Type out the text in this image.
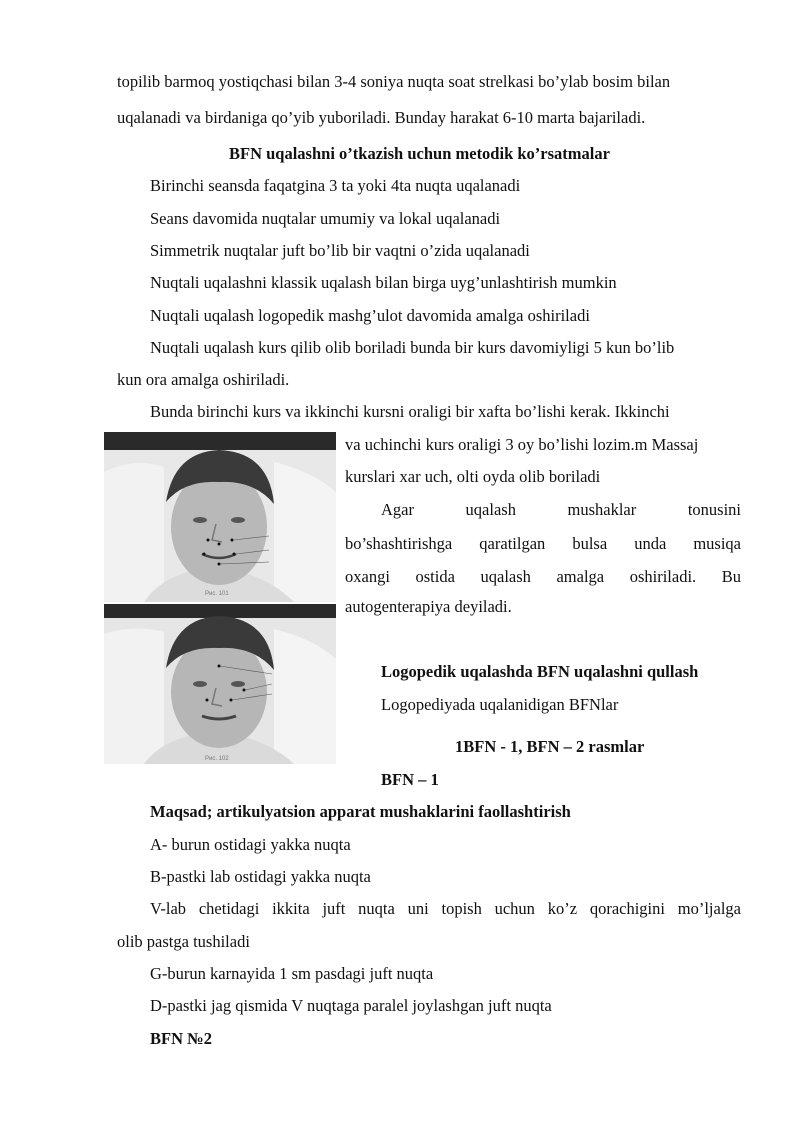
topilib barmoq yostiqchasi bilan 3-4 soniya nuqta soat strelkasi bo’ylab bosim bilan
uqalanadi va birdaniga qo’yib yuboriladi. Bunday harakat 6-10 marta bajariladi.
BFN uqalashni o’tkazish uchun metodik ko’rsatmalar
Birinchi seansda faqatgina 3 ta yoki 4ta nuqta uqalanadi
Seans davomida nuqtalar umumiy va lokal uqalanadi
Simmetrik nuqtalar juft bo’lib bir vaqtni o’zida uqalanadi
Nuqtali uqalashni klassik uqalash bilan birga uyg’unlashtirish mumkin
Nuqtali uqalash logopedik mashg’ulot davomida amalga oshiriladi
Nuqtali uqalash kurs qilib olib boriladi bunda bir kurs davomiyligi 5 kun bo’lib
kun ora amalga oshiriladi.
Bunda birinchi kurs va ikkinchi kursni oraligi bir xafta bo’lishi kerak. Ikkinchi
va uchinchi kurs oraligi 3 oy bo’lishi lozim.m Massaj
kurslari xar uch, olti oyda olib boriladi
Agar uqalash mushaklar tonusini
bo’shashtirishga qaratilgan bulsa unda musiqa
oxangi ostida uqalash amalga oshiriladi. Bu
autogenterapiya deyiladi.
Logopedik uqalashda BFN uqalashni qullash
Logopediyada uqalanidigan BFNlar
1BFN - 1, BFN – 2 rasmlar
BFN – 1
Maqsad; artikulyatsion apparat mushaklarini faollashtirish
A- burun ostidagi yakka nuqta
B-pastki lab ostidagi yakka nuqta
V-lab chetidagi ikkita juft nuqta uni topish uchun ko’z qorachigini mo’ljalga
olib pastga tushiladi
G-burun karnayida 1 sm pasdagi juft nuqta
D-pastki jag qismida V nuqtaga paralel joylashgan juft nuqta
BFN №2
Рис. 101
Рис. 102
